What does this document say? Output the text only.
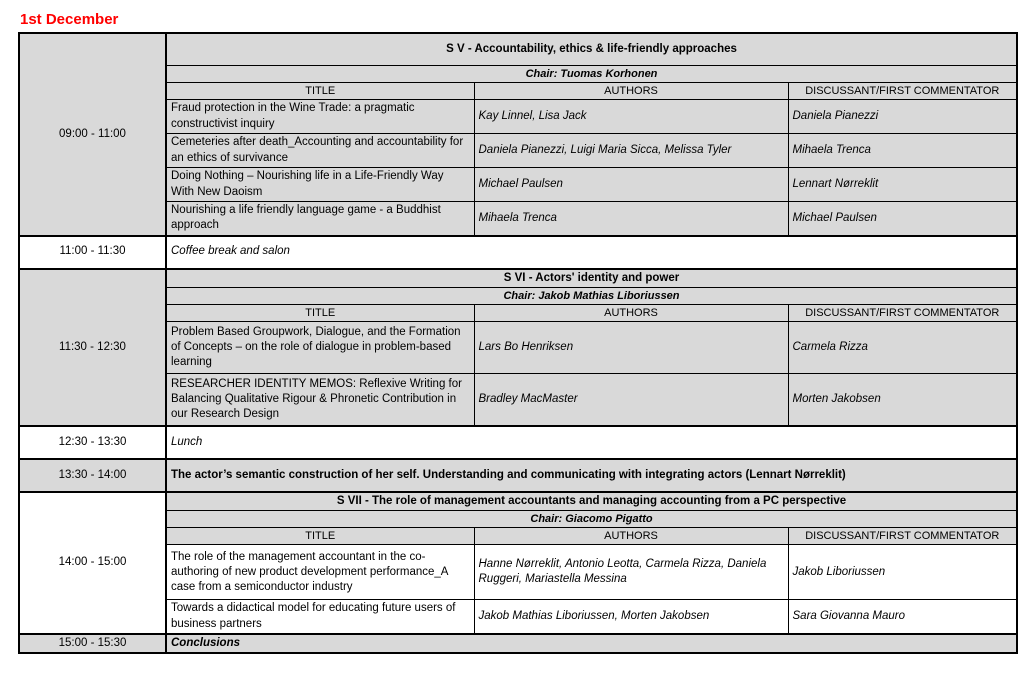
1st December
09:00 - 11:00	S V - Accountability, ethics & life-friendly approaches		
	Chair: Tuomas Korhonen		
	TITLE	AUTHORS	DISCUSSANT/FIRST COMMENTATOR
	Fraud protection in the Wine Trade: a pragmatic constructivist inquiry	Kay Linnel, Lisa Jack	Daniela Pianezzi
	Cemeteries after death_Accounting and accountability for an ethics of survivance	Daniela Pianezzi, Luigi Maria Sicca, Melissa Tyler	Mihaela Trenca
	Doing Nothing – Nourishing life in a Life-Friendly Way With New Daoism	Michael Paulsen	Lennart Nørreklit
	Nourishing a life friendly language game - a Buddhist approach	Mihaela Trenca	Michael Paulsen
11:00 - 11:30	Coffee break and salon		
11:30 - 12:30	S VI - Actors' identity and power		
	Chair: Jakob Mathias Liboriussen		
	TITLE	AUTHORS	DISCUSSANT/FIRST COMMENTATOR
	Problem Based Groupwork, Dialogue, and the Formation of Concepts – on the role of dialogue in problem-based learning	Lars Bo Henriksen	Carmela Rizza
	RESEARCHER IDENTITY MEMOS: Reflexive Writing for Balancing Qualitative Rigour & Phronetic Contribution in our Research Design	Bradley MacMaster	Morten Jakobsen
12:30 - 13:30	Lunch		
13:30 - 14:00	The actor’s semantic construction of her self. Understanding and communicating with integrating actors (Lennart Nørreklit)		
14:00 - 15:00	S VII - The role of management accountants and managing accounting from a PC perspective		
	Chair: Giacomo Pigatto		
	TITLE	AUTHORS	DISCUSSANT/FIRST COMMENTATOR
	The role of the management accountant in the co-authoring of new product development performance_A case from a semiconductor industry	Hanne Nørreklit, Antonio Leotta, Carmela Rizza, Daniela Ruggeri, Mariastella Messina	Jakob Liboriussen
	Towards a didactical model for educating future users of business partners	Jakob Mathias Liboriussen, Morten Jakobsen	Sara Giovanna Mauro
15:00 - 15:30	Conclusions		
